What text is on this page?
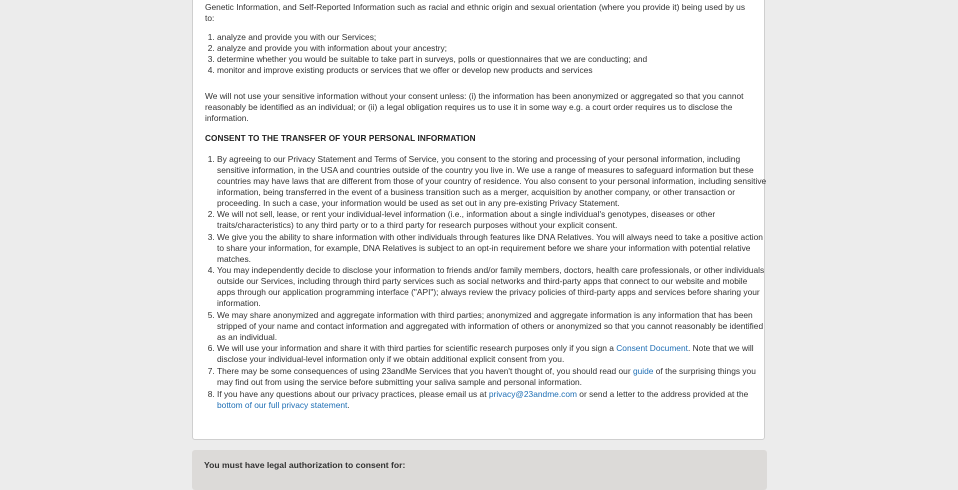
Genetic Information, and Self-Reported Information such as racial and ethnic origin and sexual orientation (where you provide it) being used by us to:

1. analyze and provide you with our Services;
2. analyze and provide you with information about your ancestry;
3. determine whether you would be suitable to take part in surveys, polls or questionnaires that we are conducting; and
4. monitor and improve existing products or services that we offer or develop new products and services

We will not use your sensitive information without your consent unless: (i) the information has been anonymized or aggregated so that you cannot reasonably be identified as an individual; or (ii) a legal obligation requires us to use it in some way e.g. a court order requires us to disclose the information.

CONSENT TO THE TRANSFER OF YOUR PERSONAL INFORMATION
1. By agreeing to our Privacy Statement and Terms of Service, you consent to the storing and processing of your personal information, including sensitive information, in the USA and countries outside of the country you live in. We use a range of measures to safeguard information but these countries may have laws that are different from those of your country of residence. You also consent to your personal information, including sensitive information, being transferred in the event of a business transition such as a merger, acquisition by another company, or other transaction or proceeding. In such a case, your information would be used as set out in any pre-existing Privacy Statement.
2. We will not sell, lease, or rent your individual-level information (i.e., information about a single individual's genotypes, diseases or other traits/characteristics) to any third party or to a third party for research purposes without your explicit consent.
3. We give you the ability to share information with other individuals through features like DNA Relatives. You will always need to take a positive action to share your information, for example, DNA Relatives is subject to an opt-in requirement before we share your information with potential relative matches.
4. You may independently decide to disclose your information to friends and/or family members, doctors, health care professionals, or other individuals outside our Services, including through third party services such as social networks and third-party apps that connect to our website and mobile apps through our application programming interface ("API"); always review the privacy policies of third-party apps and services before sharing your information.
5. We may share anonymized and aggregate information with third parties; anonymized and aggregate information is any information that has been stripped of your name and contact information and aggregated with information of others or anonymized so that you cannot reasonably be identified as an individual.
6. We will use your information and share it with third parties for scientific research purposes only if you sign a Consent Document. Note that we will disclose your individual-level information only if we obtain additional explicit consent from you.
7. There may be some consequences of using 23andMe Services that you haven't thought of, you should read our guide of the surprising things you may find out from using the service before submitting your saliva sample and personal information.
8. If you have any questions about our privacy practices, please email us at privacy@23andme.com or send a letter to the address provided at the bottom of our full privacy statement.
You must have legal authorization to consent for:
